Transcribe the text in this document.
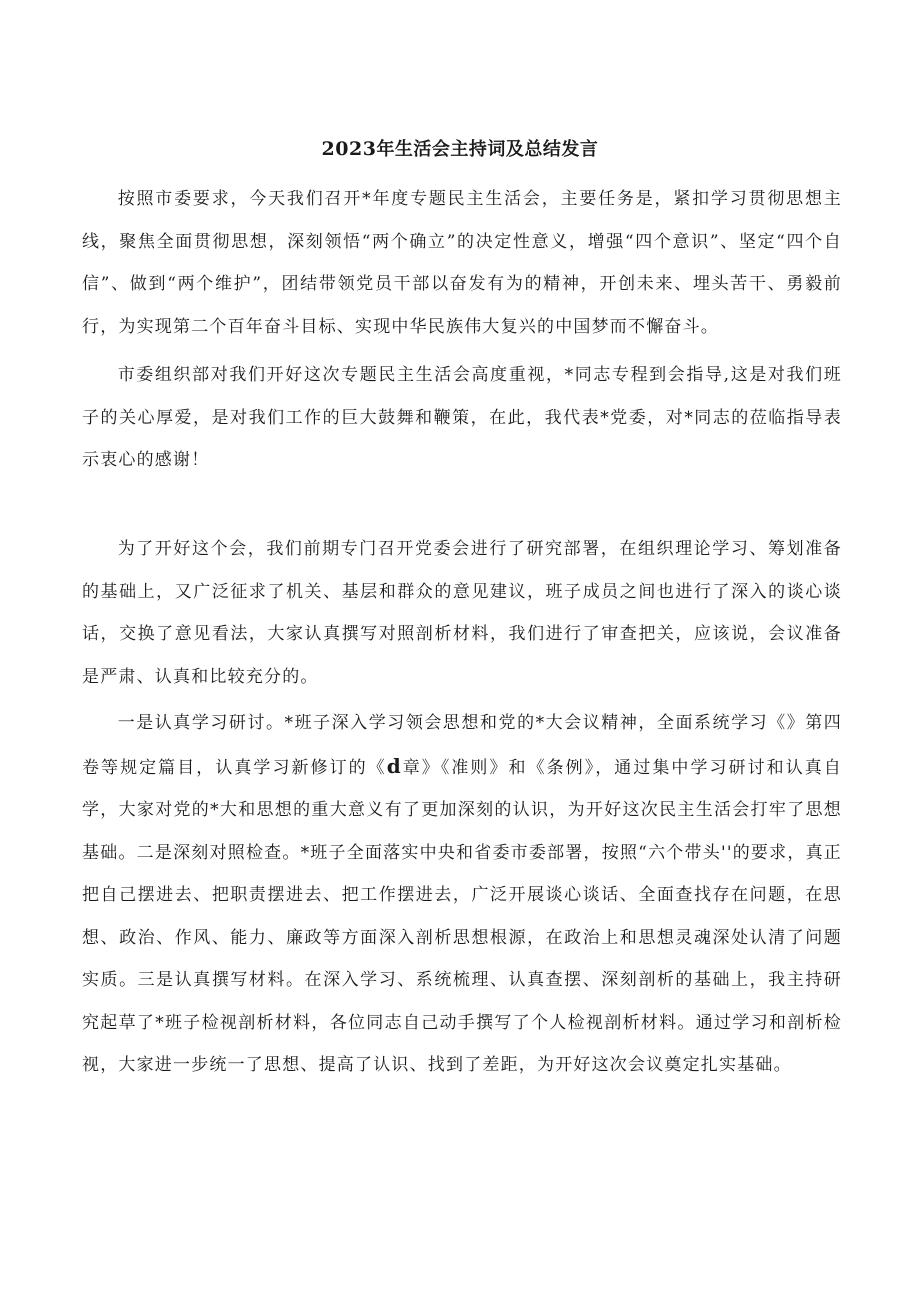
2023年生活会主持词及总结发言

按照市委要求，今天我们召开*年度专题民主生活会，主要任务是，紧扣学习贯彻思想主线，聚焦全面贯彻思想，深刻领悟“两个确立”的决定性意义，增强“四个意识”、坚定“四个自信”、做到“两个维护”，团结带领党员干部以奋发有为的精神，开创未来、埋头苦干、勇毅前行，为实现第二个百年奋斗目标、实现中华民族伟大复兴的中国梦而不懈奋斗。

市委组织部对我们开好这次专题民主生活会高度重视，*同志专程到会指导,这是对我们班子的关心厚爱，是对我们工作的巨大鼓舞和鞭策，在此，我代表*党委，对*同志的莅临指导表示衷心的感谢！

为了开好这个会，我们前期专门召开党委会进行了研究部署，在组织理论学习、筹划准备的基础上，又广泛征求了机关、基层和群众的意见建议，班子成员之间也进行了深入的谈心谈话，交换了意见看法，大家认真撰写对照剖析材料，我们进行了审查把关，应该说，会议准备是严肃、认真和比较充分的。

一是认真学习研讨。*班子深入学习领会思想和党的*大会议精神，全面系统学习《》第四卷等规定篇目，认真学习新修订的《d章》《准则》和《条例》，通过集中学习研讨和认真自学，大家对党的*大和思想的重大意义有了更加深刻的认识，为开好这次民主生活会打牢了思想基础。二是深刻对照检查。*班子全面落实中央和省委市委部署，按照“六个带头''的要求，真正把自己摆进去、把职责摆进去、把工作摆进去，广泛开展谈心谈话、全面查找存在问题，在思想、政治、作风、能力、廉政等方面深入剖析思想根源，在政治上和思想灵魂深处认清了问题实质。三是认真撰写材料。在深入学习、系统梳理、认真查摆、深刻剖析的基础上，我主持研究起草了*班子检视剖析材料，各位同志自己动手撰写了个人检视剖析材料。通过学习和剖析检视，大家进一步统一了思想、提高了认识、找到了差距，为开好这次会议奠定扎实基础。
